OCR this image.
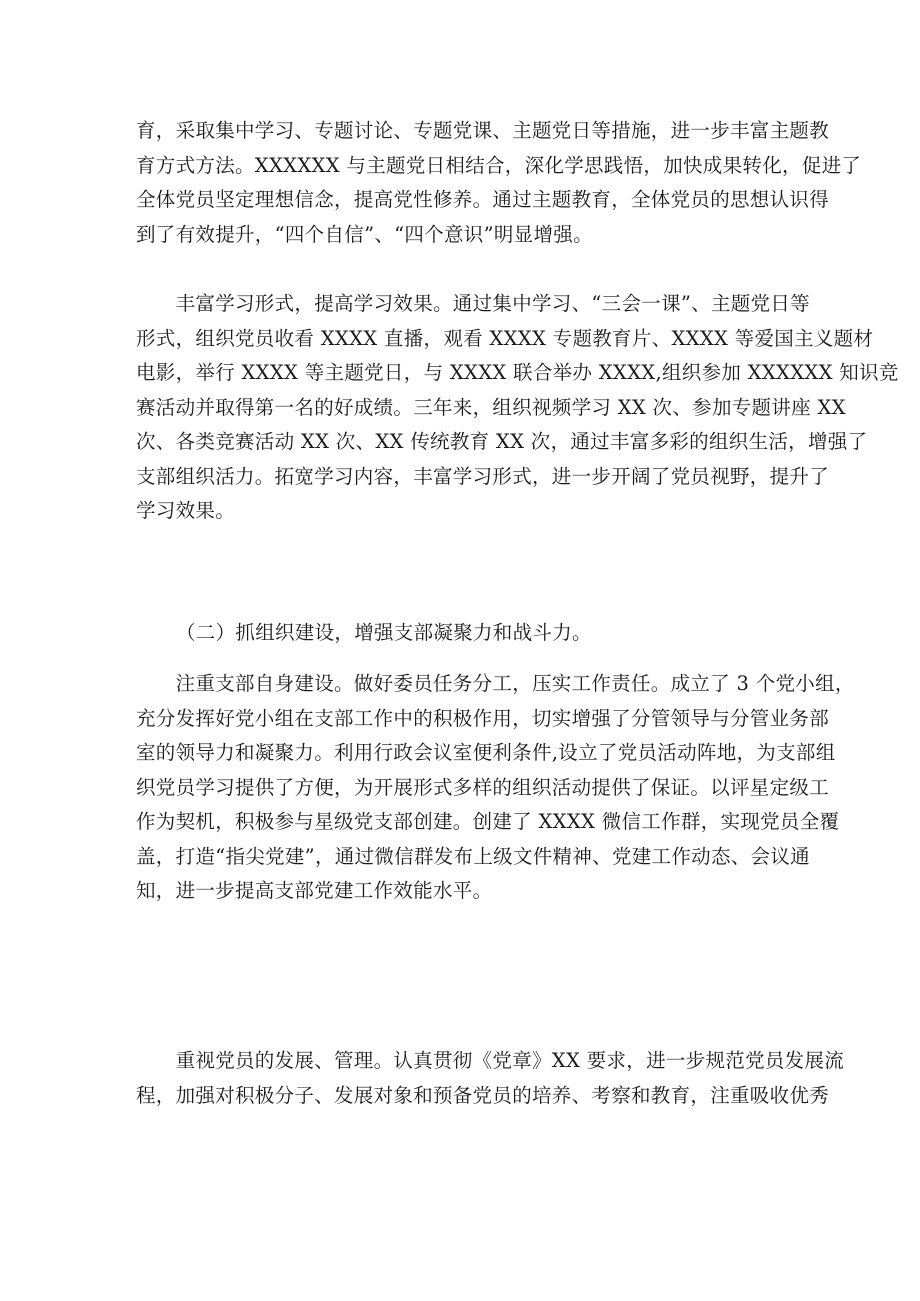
育，采取集中学习、专题讨论、专题党课、主题党日等措施，进一步丰富主题教
育方式方法。XXXXXX 与主题党日相结合，深化学思践悟，加快成果转化，促进了
全体党员坚定理想信念，提高党性修养。通过主题教育，全体党员的思想认识得
到了有效提升，“四个自信”、“四个意识”明显增强。

　　丰富学习形式，提高学习效果。通过集中学习、“三会一课”、主题党日等
形式，组织党员收看 XXXX 直播，观看 XXXX 专题教育片、XXXX 等爱国主义题材
电影，举行 XXXX 等主题党日，与 XXXX 联合举办 XXXX,组织参加 XXXXXX 知识竞
赛活动并取得第一名的好成绩。三年来，组织视频学习 XX 次、参加专题讲座 XX
次、各类竞赛活动 XX 次、XX 传统教育 XX 次，通过丰富多彩的组织生活，增强了
支部组织活力。拓宽学习内容，丰富学习形式，进一步开阔了党员视野，提升了
学习效果。

（二）抓组织建设，增强支部凝聚力和战斗力。

　　注重支部自身建设。做好委员任务分工，压实工作责任。成立了 3 个党小组，
充分发挥好党小组在支部工作中的积极作用，切实增强了分管领导与分管业务部
室的领导力和凝聚力。利用行政会议室便利条件,设立了党员活动阵地，为支部组
织党员学习提供了方便，为开展形式多样的组织活动提供了保证。以评星定级工
作为契机，积极参与星级党支部创建。创建了 XXXX 微信工作群，实现党员全覆
盖，打造“指尖党建”，通过微信群发布上级文件精神、党建工作动态、会议通
知，进一步提高支部党建工作效能水平。

　　重视党员的发展、管理。认真贯彻《党章》XX 要求，进一步规范党员发展流
程，加强对积极分子、发展对象和预备党员的培养、考察和教育，注重吸收优秀
